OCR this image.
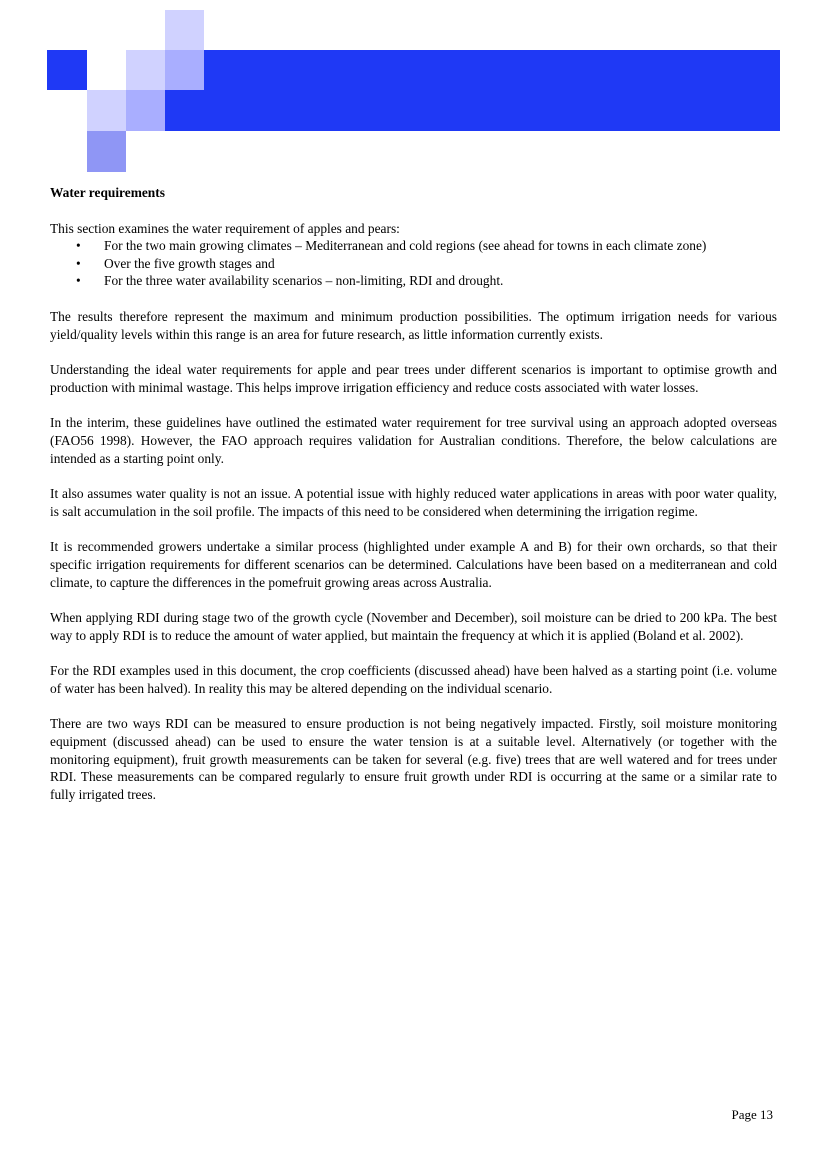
Water requirements

This section examines the water requirement of apples and pears:

• For the two main growing climates – Mediterranean and cold regions (see ahead for towns in each climate zone)
• Over the five growth stages and
• For the three water availability scenarios – non-limiting, RDI and drought.

The results therefore represent the maximum and minimum production possibilities. The optimum irrigation needs for various yield/quality levels within this range is an area for future research, as little information currently exists.

Understanding the ideal water requirements for apple and pear trees under different scenarios is important to optimise growth and production with minimal wastage. This helps improve irrigation efficiency and reduce costs associated with water losses.

In the interim, these guidelines have outlined the estimated water requirement for tree survival using an approach adopted overseas (FAO56 1998). However, the FAO approach requires validation for Australian conditions. Therefore, the below calculations are intended as a starting point only.

It also assumes water quality is not an issue. A potential issue with highly reduced water applications in areas with poor water quality, is salt accumulation in the soil profile. The impacts of this need to be considered when determining the irrigation regime.

It is recommended growers undertake a similar process (highlighted under example A and B) for their own orchards, so that their specific irrigation requirements for different scenarios can be determined. Calculations have been based on a mediterranean and cold climate, to capture the differences in the pomefruit growing areas across Australia.

When applying RDI during stage two of the growth cycle (November and December), soil moisture can be dried to 200 kPa. The best way to apply RDI is to reduce the amount of water applied, but maintain the frequency at which it is applied (Boland et al. 2002).

For the RDI examples used in this document, the crop coefficients (discussed ahead) have been halved as a starting point (i.e. volume of water has been halved). In reality this may be altered depending on the individual scenario.

There are two ways RDI can be measured to ensure production is not being negatively impacted. Firstly, soil moisture monitoring equipment (discussed ahead) can be used to ensure the water tension is at a suitable level. Alternatively (or together with the monitoring equipment), fruit growth measurements can be taken for several (e.g. five) trees that are well watered and for trees under RDI. These measurements can be compared regularly to ensure fruit growth under RDI is occurring at the same or a similar rate to fully irrigated trees.

Page 13
